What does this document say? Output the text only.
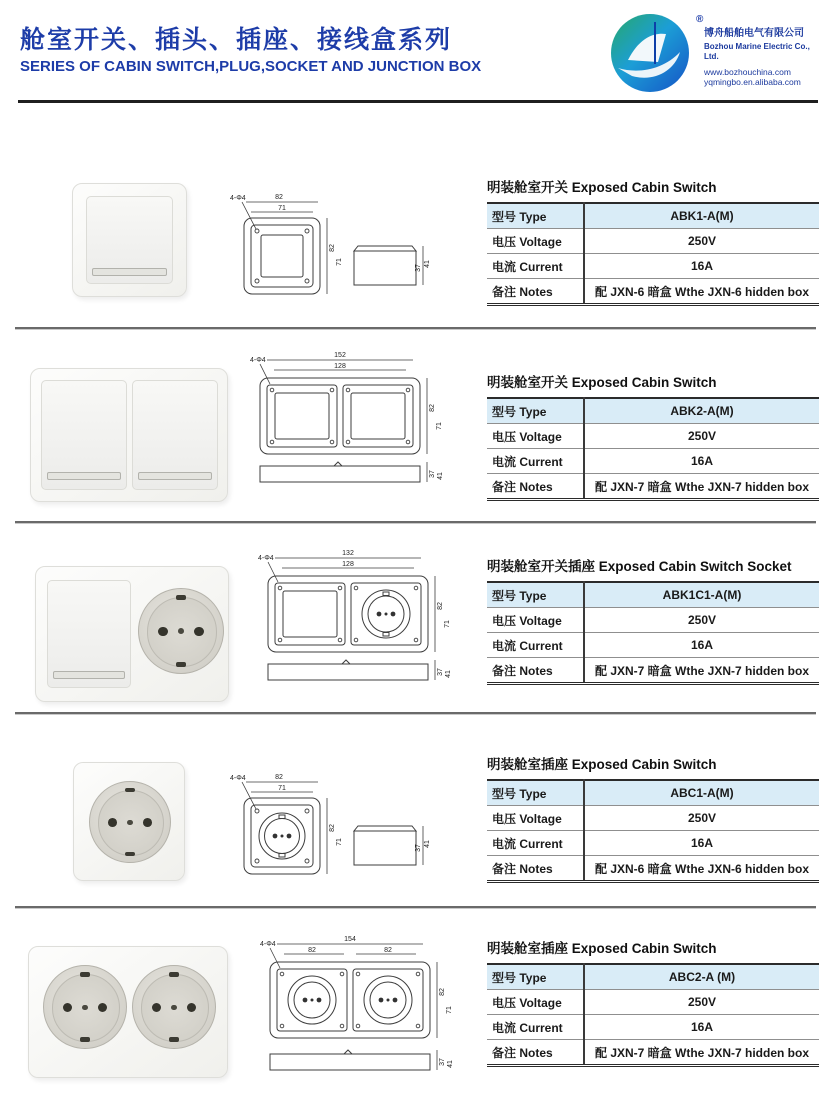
舱室开关、插头、插座、接线盒系列
SERIES OF CABIN SWITCH,PLUG,SOCKET AND JUNCTION BOX
®
博舟船舶电气有限公司
Bozhou Marine Electric Co., Ltd.
www.bozhouchina.com
yqmingbo.en.alibaba.com
4-Φ4	82
71
82
71	41
37
明装舱室开关 Exposed Cabin Switch
型号 Type	ABK1-A(M)
电压 Voltage	250V
电流 Current	16A
备注 Notes	配 JXN-6 暗盒 Wthe JXN-6 hidden box
4-Φ4
152
128
82
71
37 41
明装舱室开关 Exposed Cabin Switch
型号 Type	ABK2-A(M)
电压 Voltage	250V
电流 Current	16A
备注 Notes	配 JXN-7 暗盒 Wthe JXN-7 hidden box
4-Φ4
132
128
82
71
37 41
明装舱室开关插座 Exposed Cabin Switch Socket
型号 Type	ABK1C1-A(M)
电压 Voltage	250V
电流 Current	16A
备注 Notes	配 JXN-7 暗盒 Wthe JXN-7 hidden box
4-Φ4	82
71
82
71	41
37
明装舱室插座 Exposed Cabin Switch
型号 Type	ABC1-A(M)
电压 Voltage	250V
电流 Current	16A
备注 Notes	配 JXN-6 暗盒 Wthe JXN-6 hidden box
4-Φ4
154
82	82
82
71
37 41
明装舱室插座 Exposed Cabin Switch
型号 Type	ABC2-A (M)
电压 Voltage	250V
电流 Current	16A
备注 Notes	配 JXN-7 暗盒 Wthe JXN-7 hidden box
